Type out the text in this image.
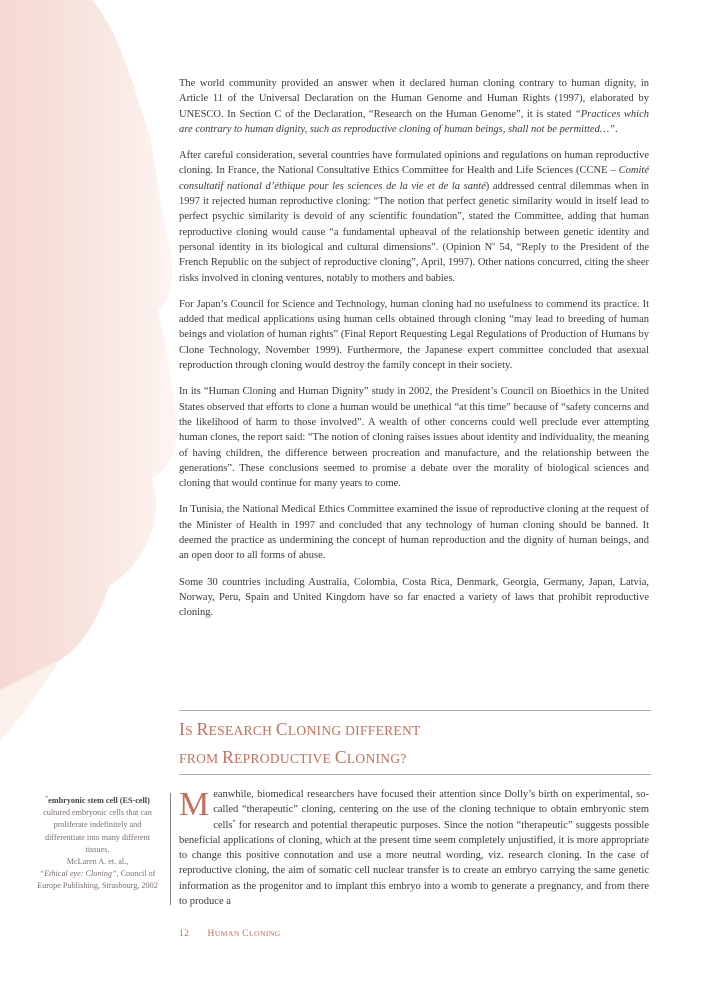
The world community provided an answer when it declared human cloning contrary to human dignity, in Article 11 of the Universal Declaration on the Human Genome and Human Rights (1997), elaborated by UNESCO. In Section C of the Declaration, “Research on the Human Genome”, it is stated “Practices which are contrary to human dignity, such as reproductive cloning of human beings, shall not be permitted…”.

After careful consideration, several countries have formulated opinions and regulations on human reproductive cloning. In France, the National Consultative Ethics Committee for Health and Life Sciences (CCNE – Comité consultatif national d’éthique pour les sciences de la vie et de la santé) addressed central dilemmas when in 1997 it rejected human reproductive cloning: “The notion that perfect genetic similarity would in itself lead to perfect psychic similarity is devoid of any scientific foundation”, stated the Committee, adding that human reproductive cloning would cause “a fundamental upheaval of the relationship between genetic identity and personal identity in its biological and cultural dimensions”. (Opinion $N^o$ 54, “Reply to the President of the French Republic on the subject of reproductive cloning”, April, 1997). Other nations concurred, citing the sheer risks involved in cloning ventures, notably to mothers and babies.

For Japan’s Council for Science and Technology, human cloning had no usefulness to commend its practice. It added that medical applications using human cells obtained through cloning “may lead to breeding of human beings and violation of human rights” (Final Report Requesting Legal Regulations of Production of Humans by Clone Technology, November 1999). Furthermore, the Japanese expert committee concluded that asexual reproduction through cloning would destroy the family concept in their society.

In its “Human Cloning and Human Dignity” study in 2002, the President’s Council on Bioethics in the United States observed that efforts to clone a human would be unethical “at this time” because of “safety concerns and the likelihood of harm to those involved”. A wealth of other concerns could well preclude ever attempting human clones, the report said: “The notion of cloning raises issues about identity and individuality, the meaning of having children, the difference between procreation and manufacture, and the relationship between the generations”. These conclusions seemed to promise a debate over the morality of biological sciences and cloning that would continue for many years to come.

In Tunisia, the National Medical Ethics Committee examined the issue of reproductive cloning at the request of the Minister of Health in 1997 and concluded that any technology of human cloning should be banned. It deemed the practice as undermining the concept of human reproduction and the dignity of human beings, and an open door to all forms of abuse.

Some 30 countries including Australia, Colombia, Costa Rica, Denmark, Georgia, Germany, Japan, Latvia, Norway, Peru, Spain and United Kingdom have so far enacted a variety of laws that prohibit reproductive cloning.

IS RESEARCH CLONING DIFFERENT
FROM REPRODUCTIVE CLONING?

Meanwhile, biomedical researchers have focused their attention since Dolly’s birth on experimental, so-called “therapeutic” cloning, centering on the use of the cloning technique to obtain embryonic stem cells* for research and potential therapeutic purposes. Since the notion “therapeutic” suggests possible beneficial applications of cloning, which at the present time seem completely unjustified, it is more appropriate to change this positive connotation and use a more neutral wording, viz. research cloning. In the case of reproductive cloning, the aim of somatic cell nuclear transfer is to create an embryo carrying the same genetic information as the progenitor and to implant this embryo into a womb to generate a pregnancy, and from there to produce a

*embryonic stem cell (ES-cell) cultured embryonic cells that can proliferate indefinitely and differentiate into many different tissues.
McLaren A. et. al.,
“Ethical eye: Cloning”, Council of Europe Publishing, Strasbourg, 2002
12 HUMAN CLONING
